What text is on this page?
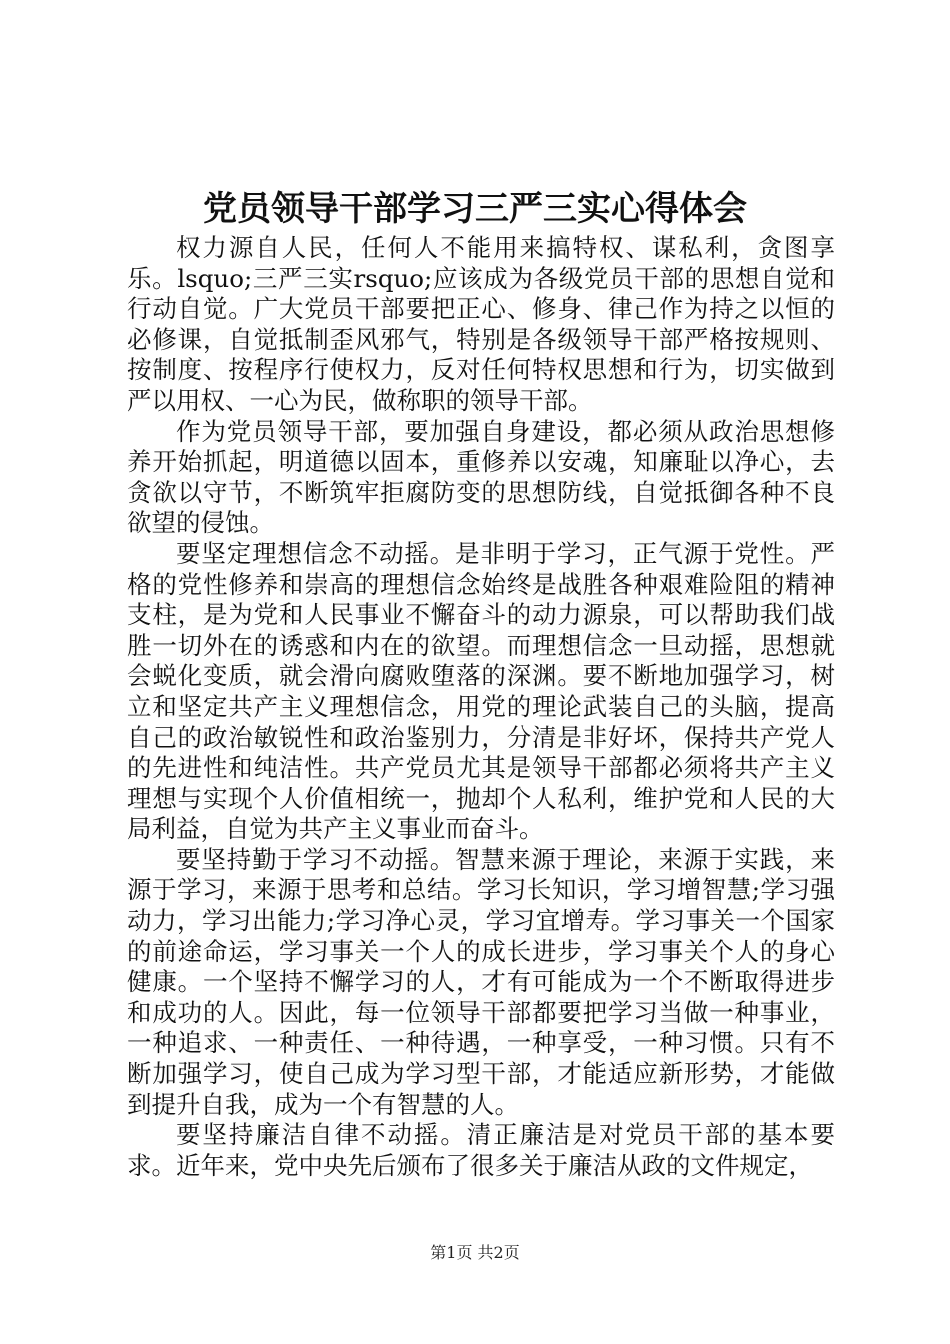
党员领导干部学习三严三实心得体会

权力源自人民，任何人不能用来搞特权、谋私利，贪图享乐。lsquo;三严三实rsquo;应该成为各级党员干部的思想自觉和行动自觉。广大党员干部要把正心、修身、律己作为持之以恒的必修课，自觉抵制歪风邪气，特别是各级领导干部严格按规则、按制度、按程序行使权力，反对任何特权思想和行为，切实做到严以用权、一心为民，做称职的领导干部。

作为党员领导干部，要加强自身建设，都必须从政治思想修养开始抓起，明道德以固本，重修养以安魂，知廉耻以净心，去贪欲以守节，不断筑牢拒腐防变的思想防线，自觉抵御各种不良欲望的侵蚀。

要坚定理想信念不动摇。是非明于学习，正气源于党性。严格的党性修养和崇高的理想信念始终是战胜各种艰难险阻的精神支柱，是为党和人民事业不懈奋斗的动力源泉，可以帮助我们战胜一切外在的诱惑和内在的欲望。而理想信念一旦动摇，思想就会蜕化变质，就会滑向腐败堕落的深渊。要不断地加强学习，树立和坚定共产主义理想信念，用党的理论武装自己的头脑，提高自己的政治敏锐性和政治鉴别力，分清是非好坏，保持共产党人的先进性和纯洁性。共产党员尤其是领导干部都必须将共产主义理想与实现个人价值相统一，抛却个人私利，维护党和人民的大局利益，自觉为共产主义事业而奋斗。

要坚持勤于学习不动摇。智慧来源于理论，来源于实践，来源于学习，来源于思考和总结。学习长知识，学习增智慧;学习强动力，学习出能力;学习净心灵，学习宜增寿。学习事关一个国家的前途命运，学习事关一个人的成长进步，学习事关个人的身心健康。一个坚持不懈学习的人，才有可能成为一个不断取得进步和成功的人。因此，每一位领导干部都要把学习当做一种事业，一种追求、一种责任、一种待遇，一种享受，一种习惯。只有不断加强学习，使自己成为学习型干部，才能适应新形势，才能做到提升自我，成为一个有智慧的人。

要坚持廉洁自律不动摇。清正廉洁是对党员干部的基本要求。近年来，党中央先后颁布了很多关于廉洁从政的文件规定，

第1页 共2页
